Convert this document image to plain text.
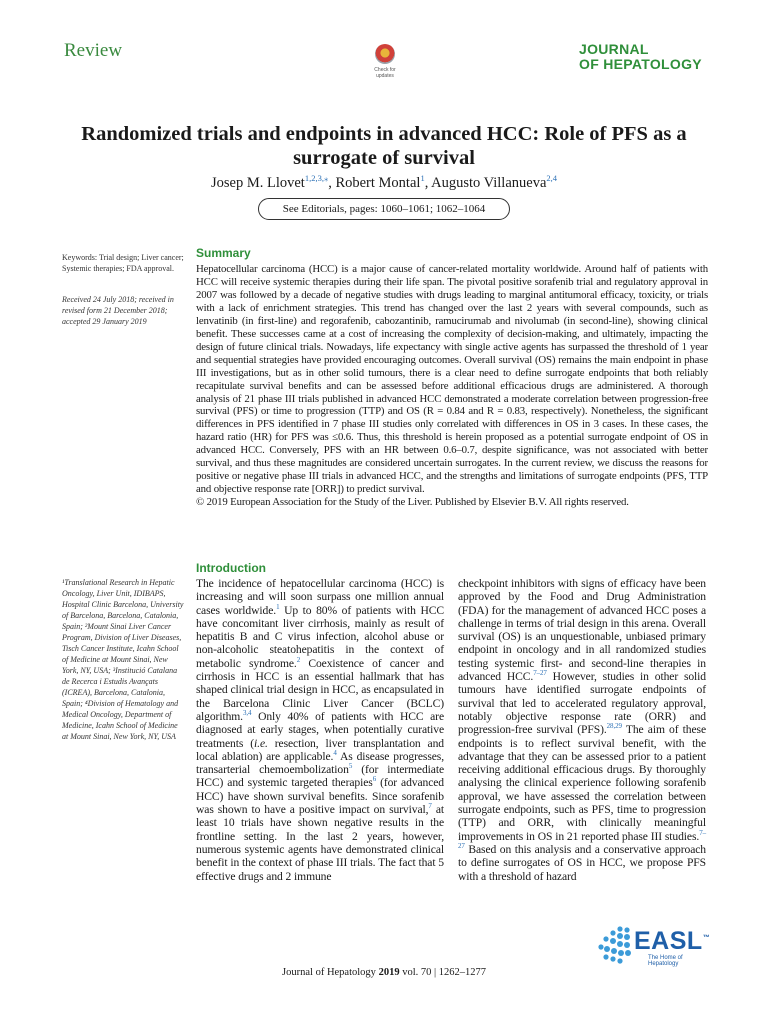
Review
Check for updates
JOURNAL
OF HEPATOLOGY
Randomized trials and endpoints in advanced HCC: Role of PFS as a surrogate of survival
Josep M. Llovet$^{1,2,3,⁎}$, Robert Montal$^1$, Augusto Villanueva$^{2,4}$
See Editorials, pages: 1060–1061; 1062–1064
Keywords: Trial design; Liver cancer; Systemic therapies; FDA approval.
Received 24 July 2018; received in revised form 21 December 2018; accepted 29 January 2019
¹Translational Research in Hepatic Oncology, Liver Unit, IDIBAPS, Hospital Clinic Barcelona, University of Barcelona, Barcelona, Catalonia, Spain; ²Mount Sinai Liver Cancer Program, Division of Liver Diseases, Tisch Cancer Institute, Icahn School of Medicine at Mount Sinai, New York, NY, USA; ³Institució Catalana de Recerca i Estudis Avançats (ICREA), Barcelona, Catalonia, Spain; ⁴Division of Hematology and Medical Oncology, Department of Medicine, Icahn School of Medicine at Mount Sinai, New York, NY, USA
Summary
Hepatocellular carcinoma (HCC) is a major cause of cancer-related mortality worldwide. Around half of patients with HCC will receive systemic therapies during their life span. The pivotal positive sorafenib trial and regulatory approval in 2007 was followed by a decade of negative studies with drugs leading to marginal antitumoral efficacy, toxicity, or trials with a lack of enrichment strategies. This trend has changed over the last 2 years with several compounds, such as lenvatinib (in first-line) and regorafenib, cabozantinib, ramucirumab and nivolumab (in second-line), showing clinical benefit. These successes came at a cost of increasing the complexity of decision-making, and ultimately, impacting the design of future clinical trials. Nowadays, life expectancy with single active agents has surpassed the threshold of 1 year and sequential strategies have provided encouraging outcomes. Overall survival (OS) remains the main endpoint in phase III investigations, but as in other solid tumours, there is a clear need to define surrogate endpoints that both reliably recapitulate survival benefits and can be assessed before additional efficacious drugs are administered. A thorough analysis of 21 phase III trials published in advanced HCC demonstrated a moderate correlation between progression-free survival (PFS) or time to progression (TTP) and OS (R = 0.84 and R = 0.83, respectively). Nonetheless, the significant differences in PFS identified in 7 phase III studies only correlated with differences in OS in 3 cases. In these cases, the hazard ratio (HR) for PFS was ≤0.6. Thus, this threshold is herein proposed as a potential surrogate endpoint of OS in advanced HCC. Conversely, PFS with an HR between 0.6–0.7, despite significance, was not associated with better survival, and thus these magnitudes are considered uncertain surrogates. In the current review, we discuss the reasons for positive or negative phase III trials in advanced HCC, and the strengths and limitations of surrogate endpoints (PFS, TTP and objective response rate [ORR]) to predict survival.
© 2019 European Association for the Study of the Liver. Published by Elsevier B.V. All rights reserved.
Introduction
The incidence of hepatocellular carcinoma (HCC) is increasing and will soon surpass one million annual cases worldwide.$^1$ Up to 80% of patients with HCC have concomitant liver cirrhosis, mainly as result of hepatitis B and C virus infection, alcohol abuse or non-alcoholic steatohepatitis in the context of metabolic syndrome.$^2$ Coexistence of cancer and cirrhosis in HCC is an essential hallmark that has shaped clinical trial design in HCC, as encapsulated in the Barcelona Clinic Liver Cancer (BCLC) algorithm.$^{3,4}$ Only 40% of patients with HCC are diagnosed at early stages, when potentially curative treatments (i.e. resection, liver transplantation and local ablation) are applicable.$^4$ As disease progresses, transarterial chemoembolization$^5$ (for intermediate HCC) and systemic targeted therapies$^6$ (for advanced HCC) have shown survival benefits. Since sorafenib was shown to have a positive impact on survival,$^7$ at least 10 trials have shown negative results in the frontline setting. In the last 2 years, however, numerous systemic agents have demonstrated clinical benefit in the context of phase III trials. The fact that 5 effective drugs and 2 immune
checkpoint inhibitors with signs of efficacy have been approved by the Food and Drug Administration (FDA) for the management of advanced HCC poses a challenge in terms of trial design in this arena. Overall survival (OS) is an unquestionable, unbiased primary endpoint in oncology and in all randomized studies testing systemic first- and second-line therapies in advanced HCC.$^{7-27}$ However, studies in other solid tumours have identified surrogate endpoints of survival that led to accelerated regulatory approval, notably objective response rate (ORR) and progression-free survival (PFS).$^{28,29}$ The aim of these endpoints is to reflect survival benefit, with the advantage that they can be assessed prior to a patient receiving additional efficacious drugs. By thoroughly analysing the clinical experience following sorafenib approval, we have assessed the correlation between surrogate endpoints, such as PFS, time to progression (TTP) and ORR, with clinically meaningful improvements in OS in 21 reported phase III studies.$^{7-27}$ Based on this analysis and a conservative approach to define surrogates of OS in HCC, we propose PFS with a threshold of hazard
Journal of Hepatology 2019 vol. 70 | 1262–1277
EASL™
The Home of Hepatology
